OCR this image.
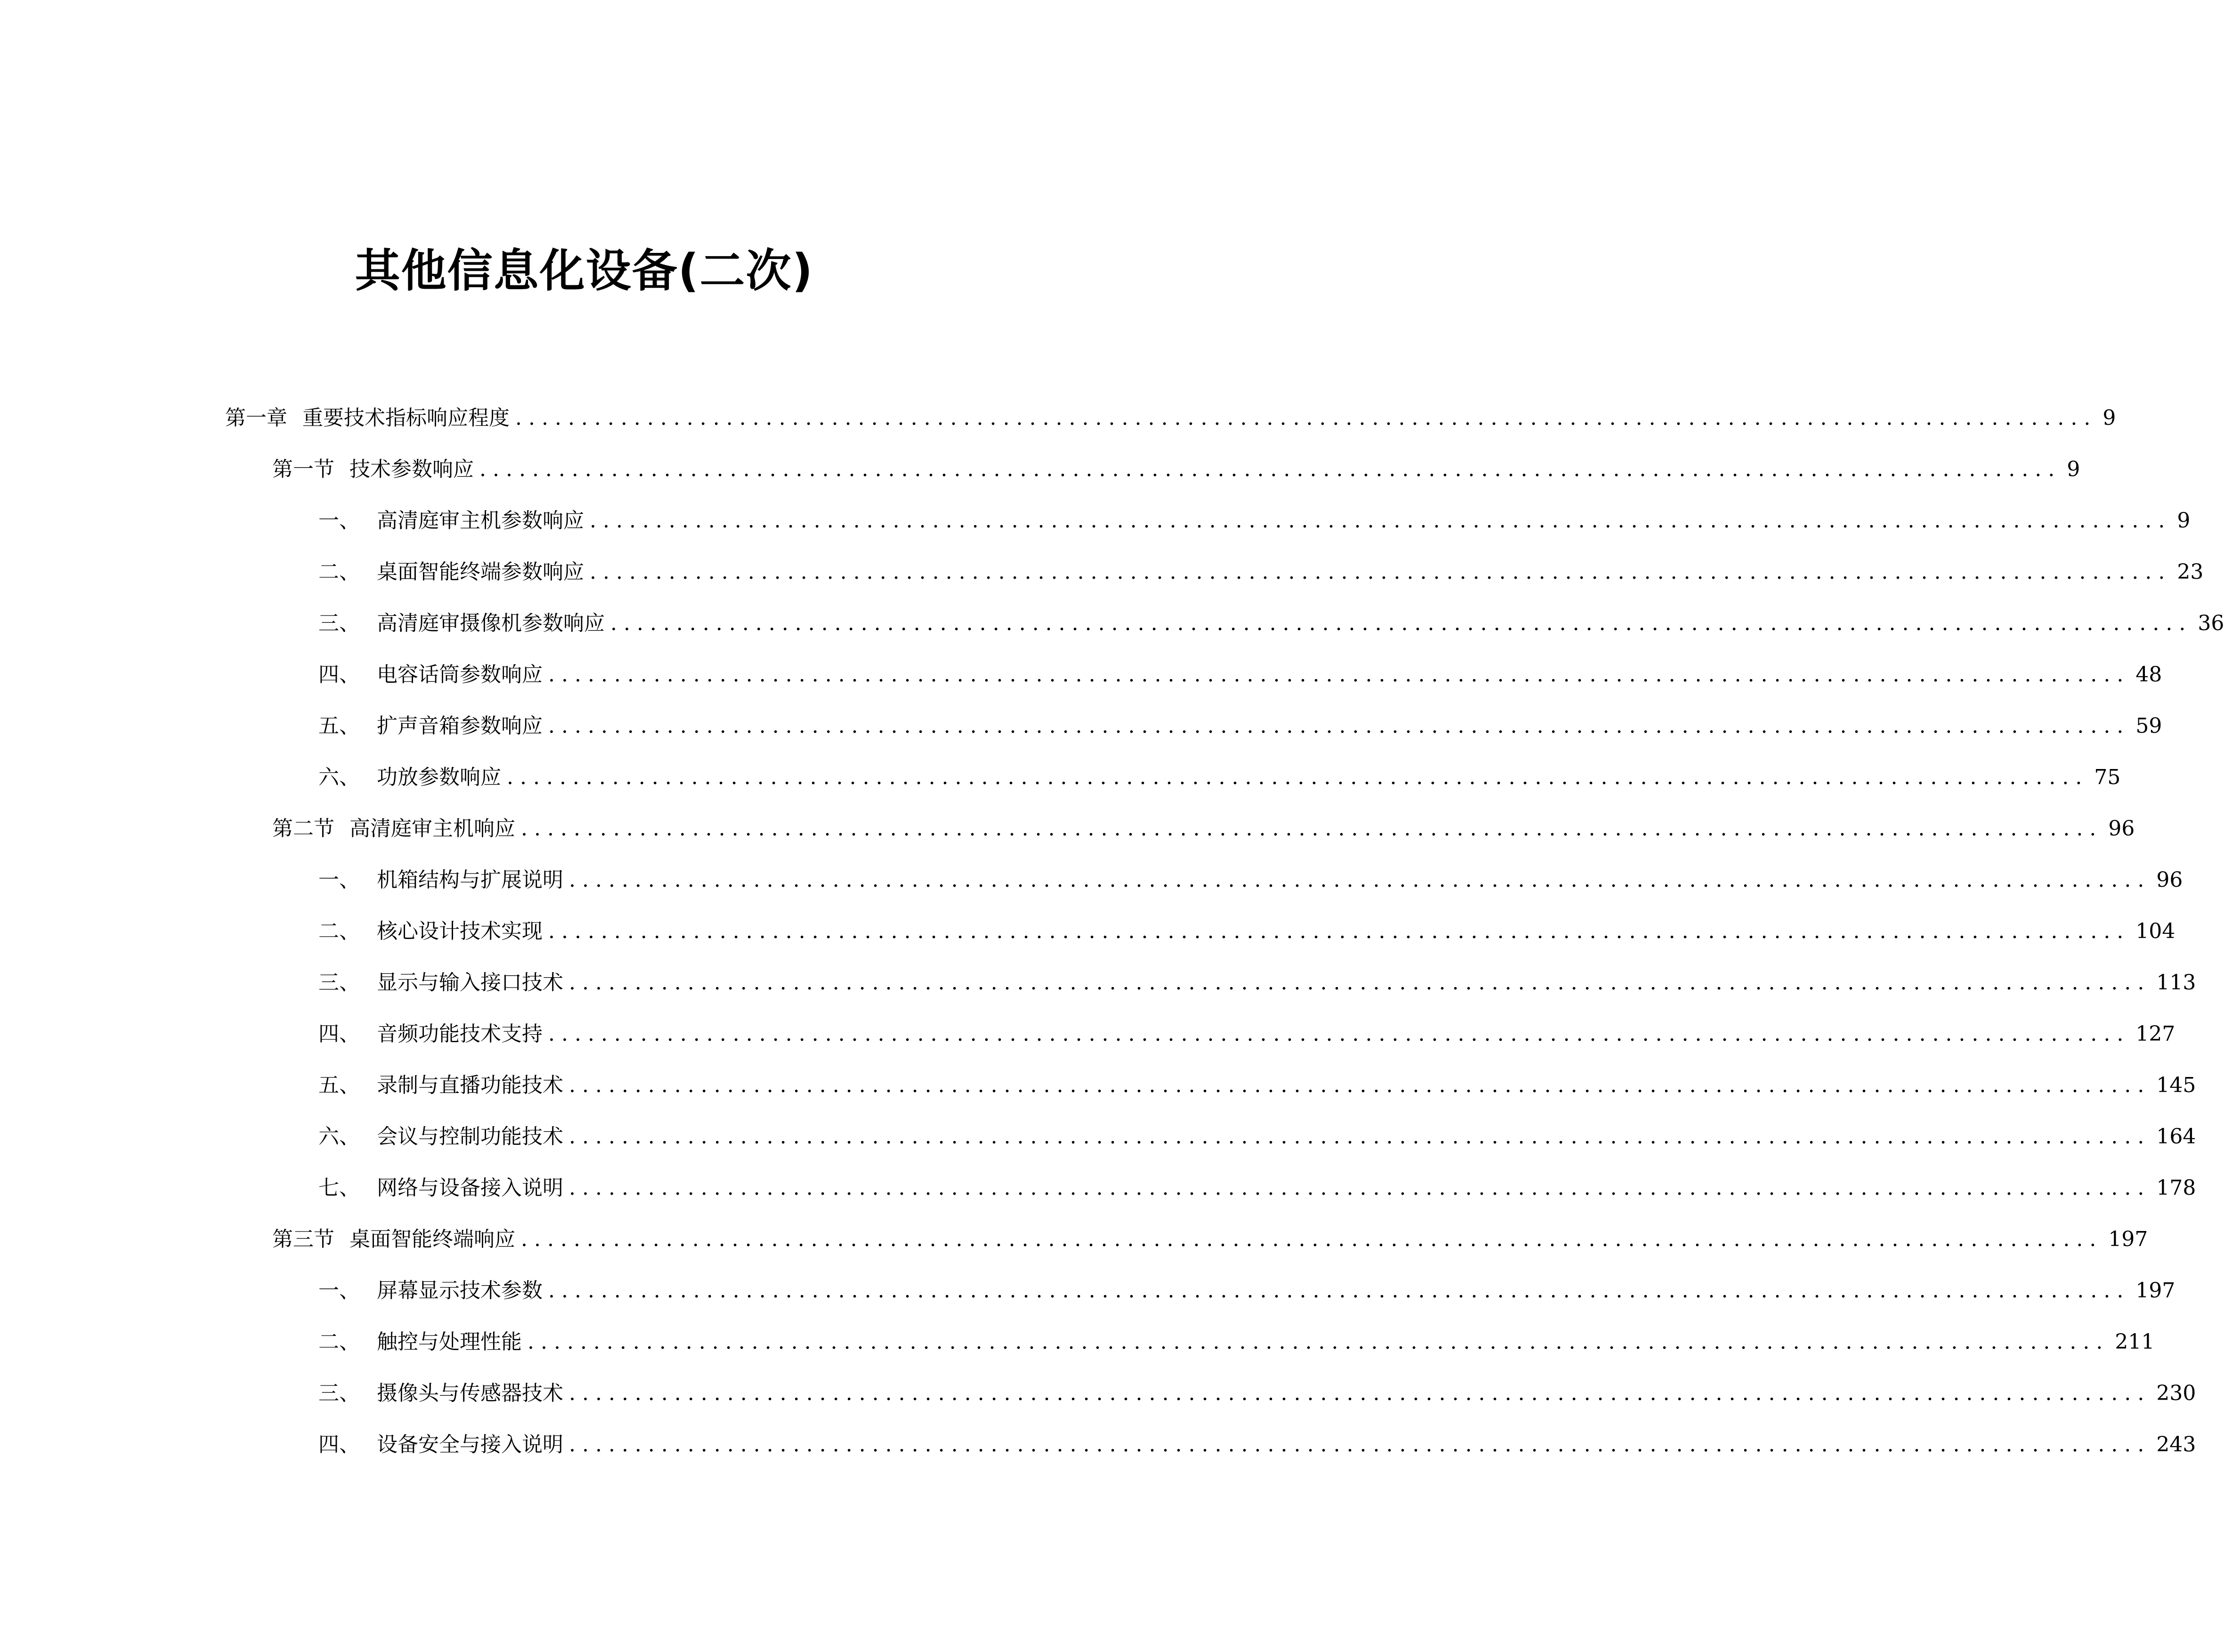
其他信息化设备(二次)
第一章 重要技术指标响应程度 ........................................................................................................................ 9
第一节 技术参数响应 ........................................................................................................................ 9
一、 高清庭审主机参数响应 ........................................................................................................................ 9
二、 桌面智能终端参数响应 ........................................................................................................................ 23
三、 高清庭审摄像机参数响应 ........................................................................................................................ 36
四、 电容话筒参数响应 ........................................................................................................................ 48
五、 扩声音箱参数响应 ........................................................................................................................ 59
六、 功放参数响应 ........................................................................................................................ 75
第二节 高清庭审主机响应 ........................................................................................................................ 96
一、 机箱结构与扩展说明 ........................................................................................................................ 96
二、 核心设计技术实现 ........................................................................................................................ 104
三、 显示与输入接口技术 ........................................................................................................................ 113
四、 音频功能技术支持 ........................................................................................................................ 127
五、 录制与直播功能技术 ........................................................................................................................ 145
六、 会议与控制功能技术 ........................................................................................................................ 164
七、 网络与设备接入说明 ........................................................................................................................ 178
第三节 桌面智能终端响应 ........................................................................................................................ 197
一、 屏幕显示技术参数 ........................................................................................................................ 197
二、 触控与处理性能 ........................................................................................................................ 211
三、 摄像头与传感器技术 ........................................................................................................................ 230
四、 设备安全与接入说明 ........................................................................................................................ 243
